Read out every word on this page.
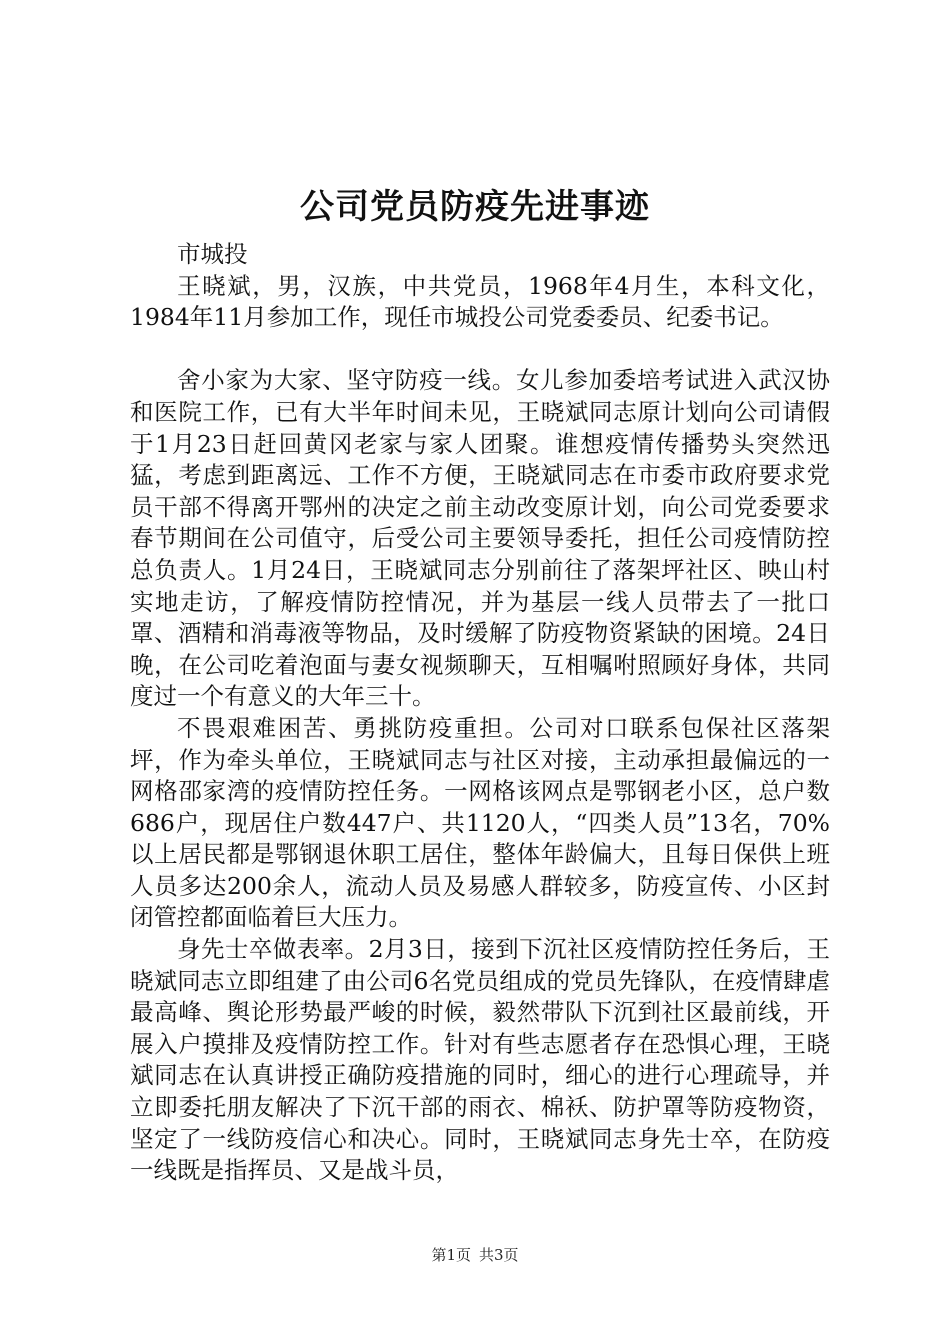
公司党员防疫先进事迹

市城投

王晓斌，男，汉族，中共党员，1968年4月生，本科文化，1984年11月参加工作，现任市城投公司党委委员、纪委书记。

舍小家为大家、坚守防疫一线。女儿参加委培考试进入武汉协和医院工作，已有大半年时间未见，王晓斌同志原计划向公司请假于1月23日赶回黄冈老家与家人团聚。谁想疫情传播势头突然迅猛，考虑到距离远、工作不方便，王晓斌同志在市委市政府要求党员干部不得离开鄂州的决定之前主动改变原计划，向公司党委要求春节期间在公司值守，后受公司主要领导委托，担任公司疫情防控总负责人。1月24日，王晓斌同志分别前往了落架坪社区、映山村实地走访，了解疫情防控情况，并为基层一线人员带去了一批口罩、酒精和消毒液等物品，及时缓解了防疫物资紧缺的困境。24日晚，在公司吃着泡面与妻女视频聊天，互相嘱咐照顾好身体，共同度过一个有意义的大年三十。

不畏艰难困苦、勇挑防疫重担。公司对口联系包保社区落架坪，作为牵头单位，王晓斌同志与社区对接，主动承担最偏远的一网格邵家湾的疫情防控任务。一网格该网点是鄂钢老小区，总户数686户，现居住户数447户、共1120人，“四类人员”13名，70%以上居民都是鄂钢退休职工居住，整体年龄偏大，且每日保供上班人员多达200余人，流动人员及易感人群较多，防疫宣传、小区封闭管控都面临着巨大压力。

身先士卒做表率。2月3日，接到下沉社区疫情防控任务后，王晓斌同志立即组建了由公司6名党员组成的党员先锋队，在疫情肆虐最高峰、舆论形势最严峻的时候，毅然带队下沉到社区最前线，开展入户摸排及疫情防控工作。针对有些志愿者存在恐惧心理，王晓斌同志在认真讲授正确防疫措施的同时，细心的进行心理疏导，并立即委托朋友解决了下沉干部的雨衣、棉袄、防护罩等防疫物资，坚定了一线防疫信心和决心。同时，王晓斌同志身先士卒，在防疫一线既是指挥员、又是战斗员，

第1页 共3页
